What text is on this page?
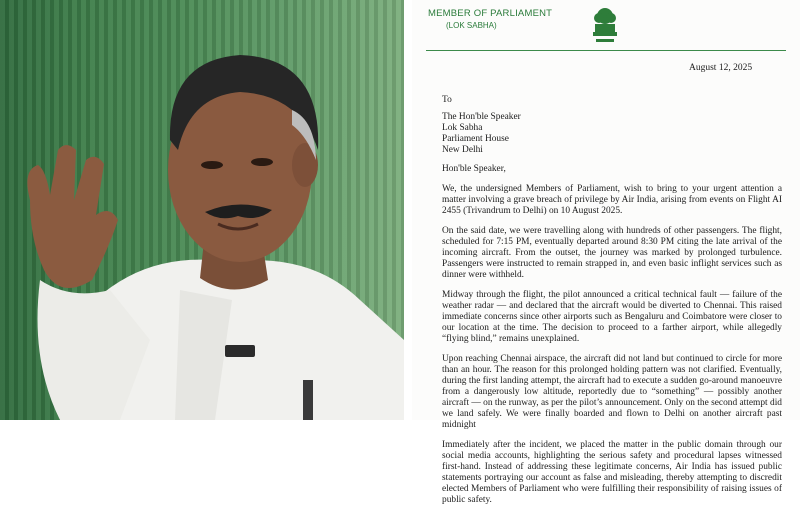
MEMBER OF PARLIAMENT
(LOK SABHA)
August 12, 2025
To
The Hon'ble Speaker
Lok Sabha
Parliament House
New Delhi
Hon'ble Speaker,
We, the undersigned Members of Parliament, wish to bring to your urgent attention a matter involving a grave breach of privilege by Air India, arising from events on Flight AI 2455 (Trivandrum to Delhi) on 10 August 2025.
On the said date, we were travelling along with hundreds of other passengers. The flight, scheduled for 7:15 PM, eventually departed around 8:30 PM citing the late arrival of the incoming aircraft. From the outset, the journey was marked by prolonged turbulence. Passengers were instructed to remain strapped in, and even basic inflight services such as dinner were withheld.
Midway through the flight, the pilot announced a critical technical fault — failure of the weather radar — and declared that the aircraft would be diverted to Chennai. This raised immediate concerns since other airports such as Bengaluru and Coimbatore were closer to our location at the time. The decision to proceed to a farther airport, while allegedly “flying blind,” remains unexplained.
Upon reaching Chennai airspace, the aircraft did not land but continued to circle for more than an hour. The reason for this prolonged holding pattern was not clarified. Eventually, during the first landing attempt, the aircraft had to execute a sudden go-around manoeuvre from a dangerously low altitude, reportedly due to “something” — possibly another aircraft — on the runway, as per the pilot’s announcement. Only on the second attempt did we land safely. We were finally boarded and flown to Delhi on another aircraft past midnight
Immediately after the incident, we placed the matter in the public domain through our social media accounts, highlighting the serious safety and procedural lapses witnessed first-hand. Instead of addressing these legitimate concerns, Air India has issued public statements portraying our account as false and misleading, thereby attempting to discredit elected Members of Parliament who were fulfilling their responsibility of raising issues of public safety.
